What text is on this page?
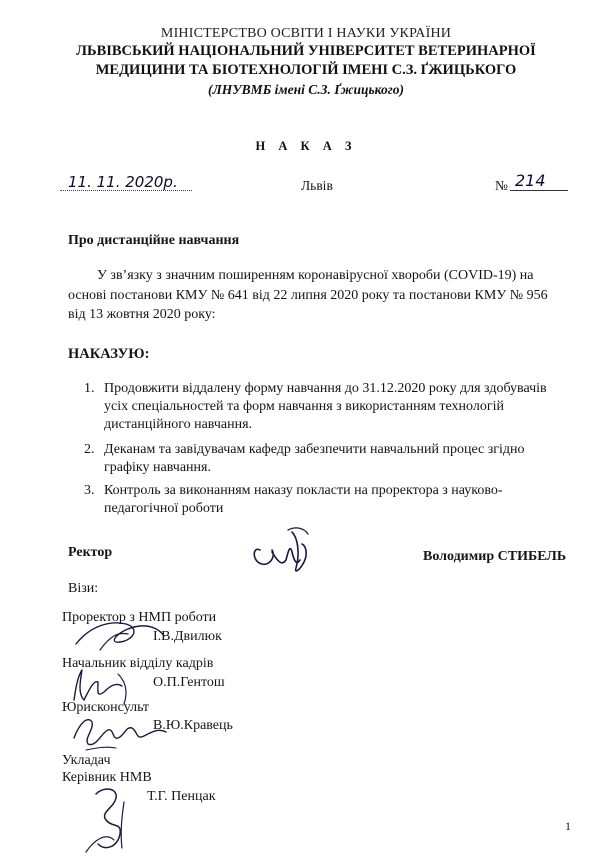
МІНІСТЕРСТВО ОСВІТИ І НАУКИ УКРАЇНИ
ЛЬВІВСЬКИЙ НАЦІОНАЛЬНИЙ УНІВЕРСИТЕТ ВЕТЕРИНАРНОЇ
МЕДИЦИНИ ТА БІОТЕХНОЛОГІЙ ІМЕНІ С.З. ҐЖИЦЬКОГО
(ЛНУВМБ імені С.З. Ґжицького)
Н А К А З
11. 11. 2020р.	Львів	№ 214
Про дистанційне навчання
У зв’язку з значним поширенням коронавірусної хвороби (COVID-19) на
основі постанови КМУ № 641 від 22 липня 2020 року та постанови КМУ № 956
від 13 жовтня 2020 року:
НАКАЗУЮ:
1. Продовжити віддалену форму навчання до 31.12.2020 року для здобувачів
усіх спеціальностей та форм навчання з використанням технологій
дистанційного навчання.
2. Деканам та завідувачам кафедр забезпечити навчальний процес згідно
графіку навчання.
3. Контроль за виконанням наказу покласти на проректора з науково-
педагогічної роботи
Ректор	Володимир СТИБЕЛЬ
Візи:
Проректор з НМП роботи
І.В.Двилюк
Начальник відділу кадрів
О.П.Гентош
Юрисконсульт
В.Ю.Кравець
Укладач
Керівник НМВ
Т.Г. Пенцак
1
